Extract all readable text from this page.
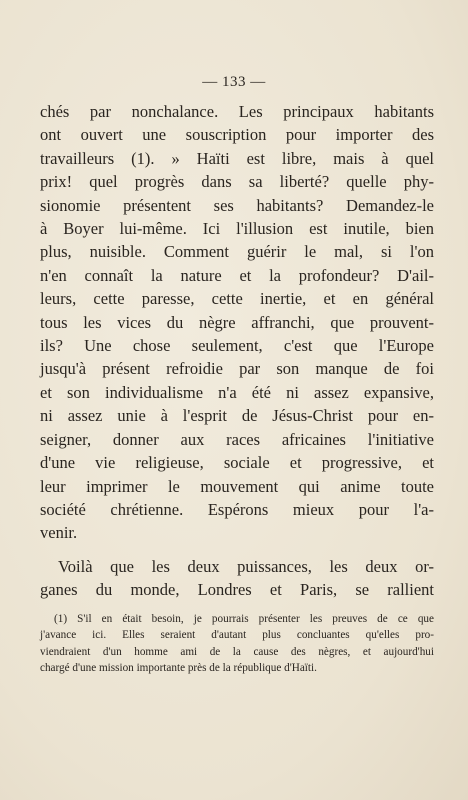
— 133 —
chés par nonchalance. Les principaux habitants
ont ouvert une souscription pour importer des
travailleurs (1). » Haïti est libre, mais à quel
prix! quel progrès dans sa liberté? quelle phy-
sionomie présentent ses habitants? Demandez-le
à Boyer lui-même. Ici l'illusion est inutile, bien
plus, nuisible. Comment guérir le mal, si l'on
n'en connaît la nature et la profondeur? D'ail-
leurs, cette paresse, cette inertie, et en général
tous les vices du nègre affranchi, que prouvent-
ils? Une chose seulement, c'est que l'Europe
jusqu'à présent refroidie par son manque de foi
et son individualisme n'a été ni assez expansive,
ni assez unie à l'esprit de Jésus-Christ pour en-
seigner, donner aux races africaines l'initiative
d'une vie religieuse, sociale et progressive, et
leur imprimer le mouvement qui anime toute
société chrétienne. Espérons mieux pour l'a-
venir.
Voilà que les deux puissances, les deux or-
ganes du monde, Londres et Paris, se rallient
(1) S'il en était besoin, je pourrais présenter les preuves de ce que
j'avance ici. Elles seraient d'autant plus concluantes qu'elles pro-
viendraient d'un homme ami de la cause des nègres, et aujourd'hui
chargé d'une mission importante près de la république d'Haïti.
